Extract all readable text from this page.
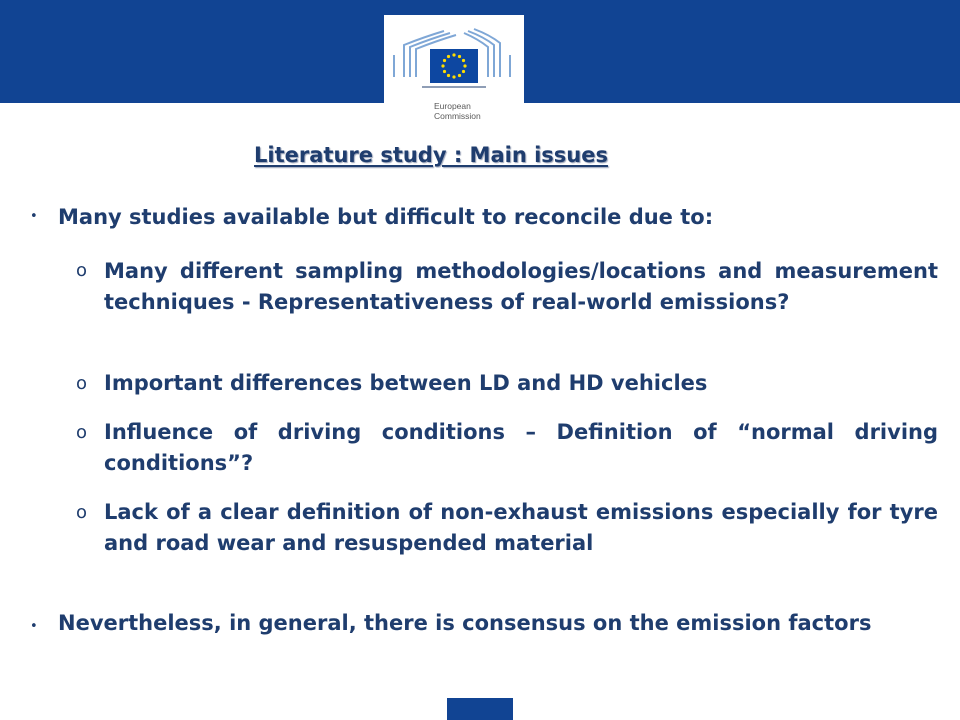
European
Commission
Literature study : Main issues
• Many studies available but difficult to reconcile due to:

o Many different sampling methodologies/locations and measurement techniques - Representativeness of real-world emissions?

o Important differences between LD and HD vehicles

o Influence of driving conditions – Definition of “normal driving conditions”?

o Lack of a clear definition of non-exhaust emissions especially for tyre and road wear and resuspended material

• Nevertheless, in general, there is consensus on the emission factors
